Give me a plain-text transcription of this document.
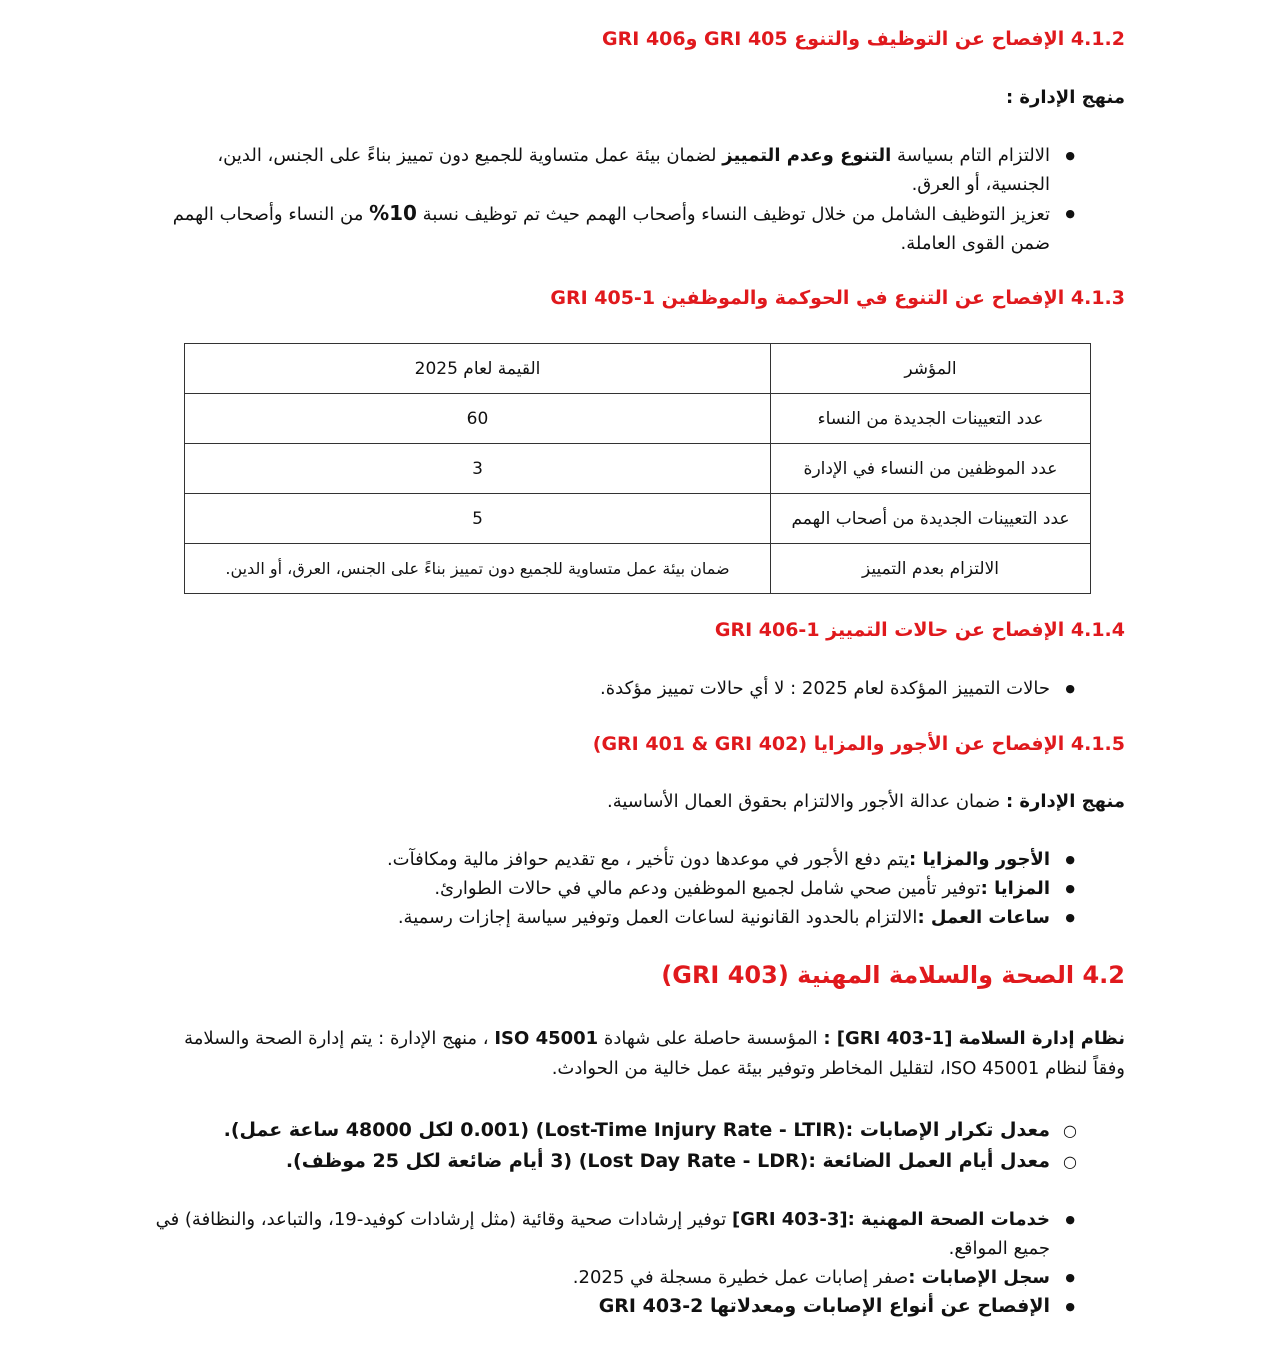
4.1.2 الإفصاح عن التوظيف والتنوع GRI 405 وGRI 406
منهج الإدارة :
● الالتزام التام بسياسة التنوع وعدم التمييز لضمان بيئة عمل متساوية للجميع دون تمييز بناءً على الجنس، الدين، الجنسية، أو العرق.
● تعزيز التوظيف الشامل من خلال توظيف النساء وأصحاب الهمم حيث تم توظيف نسبة 10% من النساء وأصحاب الهمم ضمن القوى العاملة.
4.1.3 الإفصاح عن التنوع في الحوكمة والموظفين GRI 405-1
المؤشر	القيمة لعام 2025
عدد التعيينات الجديدة من النساء	60
عدد الموظفين من النساء في الإدارة	3
عدد التعيينات الجديدة من أصحاب الهمم	5
الالتزام بعدم التمييز	ضمان بيئة عمل متساوية للجميع دون تمييز بناءً على الجنس، العرق، أو الدين.
4.1.4 الإفصاح عن حالات التمييز GRI 406-1
● حالات التمييز المؤكدة لعام 2025 : لا أي حالات تمييز مؤكدة.
4.1.5 الإفصاح عن الأجور والمزايا (GRI 401 & GRI 402)
منهج الإدارة : ضمان عدالة الأجور والالتزام بحقوق العمال الأساسية.
● الأجور والمزايا :يتم دفع الأجور في موعدها دون تأخير ، مع تقديم حوافز مالية ومكافآت.
● المزايا :توفير تأمين صحي شامل لجميع الموظفين ودعم مالي في حالات الطوارئ.
● ساعات العمل :الالتزام بالحدود القانونية لساعات العمل وتوفير سياسة إجازات رسمية.
4.2 الصحة والسلامة المهنية (GRI 403)
نظام إدارة السلامة [GRI 403-1] : المؤسسة حاصلة على شهادة ISO 45001 ، منهج الإدارة : يتم إدارة الصحة والسلامة وفقاً لنظام ISO 45001، لتقليل المخاطر وتوفير بيئة عمل خالية من الحوادث.
○ معدل تكرار الإصابات :(Lost-Time Injury Rate - LTIR) (0.001 لكل 48000 ساعة عمل).
○ معدل أيام العمل الضائعة :(Lost Day Rate - LDR) (3 أيام ضائعة لكل 25 موظف).
● خدمات الصحة المهنية :[GRI 403-3] توفير إرشادات صحية وقائية (مثل إرشادات كوفيد-19، والتباعد، والنظافة) في جميع المواقع.
● سجل الإصابات :صفر إصابات عمل خطيرة مسجلة في 2025.
● الإفصاح عن أنواع الإصابات ومعدلاتها GRI 403-2
